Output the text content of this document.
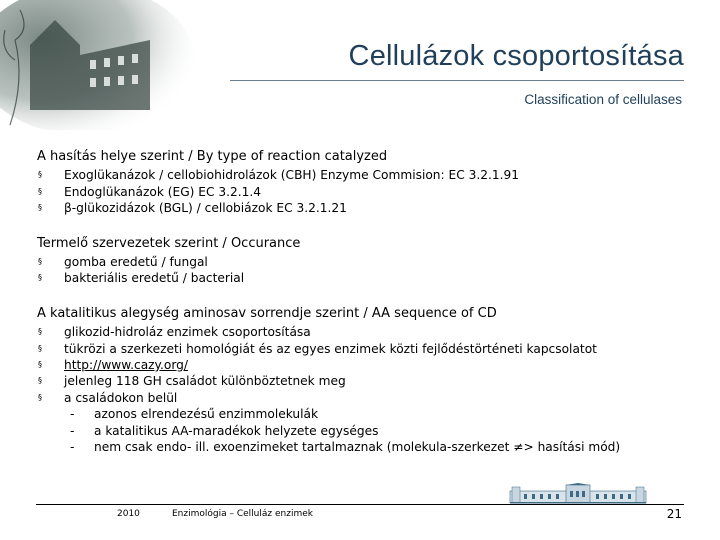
Cellulázok csoportosítása
Classification of cellulases
A hasítás helye szerint / By type of reaction catalyzed
§	Exoglükanázok / cellobiohidrolázok (CBH) Enzyme Commision: EC 3.2.1.91
§	Endoglükanázok (EG) EC 3.2.1.4
§	β-glükozidázok (BGL) / cellobiázok EC 3.2.1.21
Termelő szervezetek szerint / Occurance
§	gomba eredetű / fungal
§	bakteriális eredetű / bacterial
A katalitikus alegység aminosav sorrendje szerint / AA sequence of CD
§	glikozid-hidroláz enzimek csoportosítása
§	tükrözi a szerkezeti homológiát és az egyes enzimek közti fejlődéstörténeti kapcsolatot
§	http://www.cazy.org/
§	jelenleg 118 GH családot különböztetnek meg
§	a családokon belül
-	azonos elrendezésű enzimmolekulák
-	a katalitikus AA-maradékok helyzete egységes
-	nem csak endo- ill. exoenzimeket tartalmaznak (molekula-szerkezet ≠> hasítási mód)
2010	Enzimológia – Celluláz enzimek	21
